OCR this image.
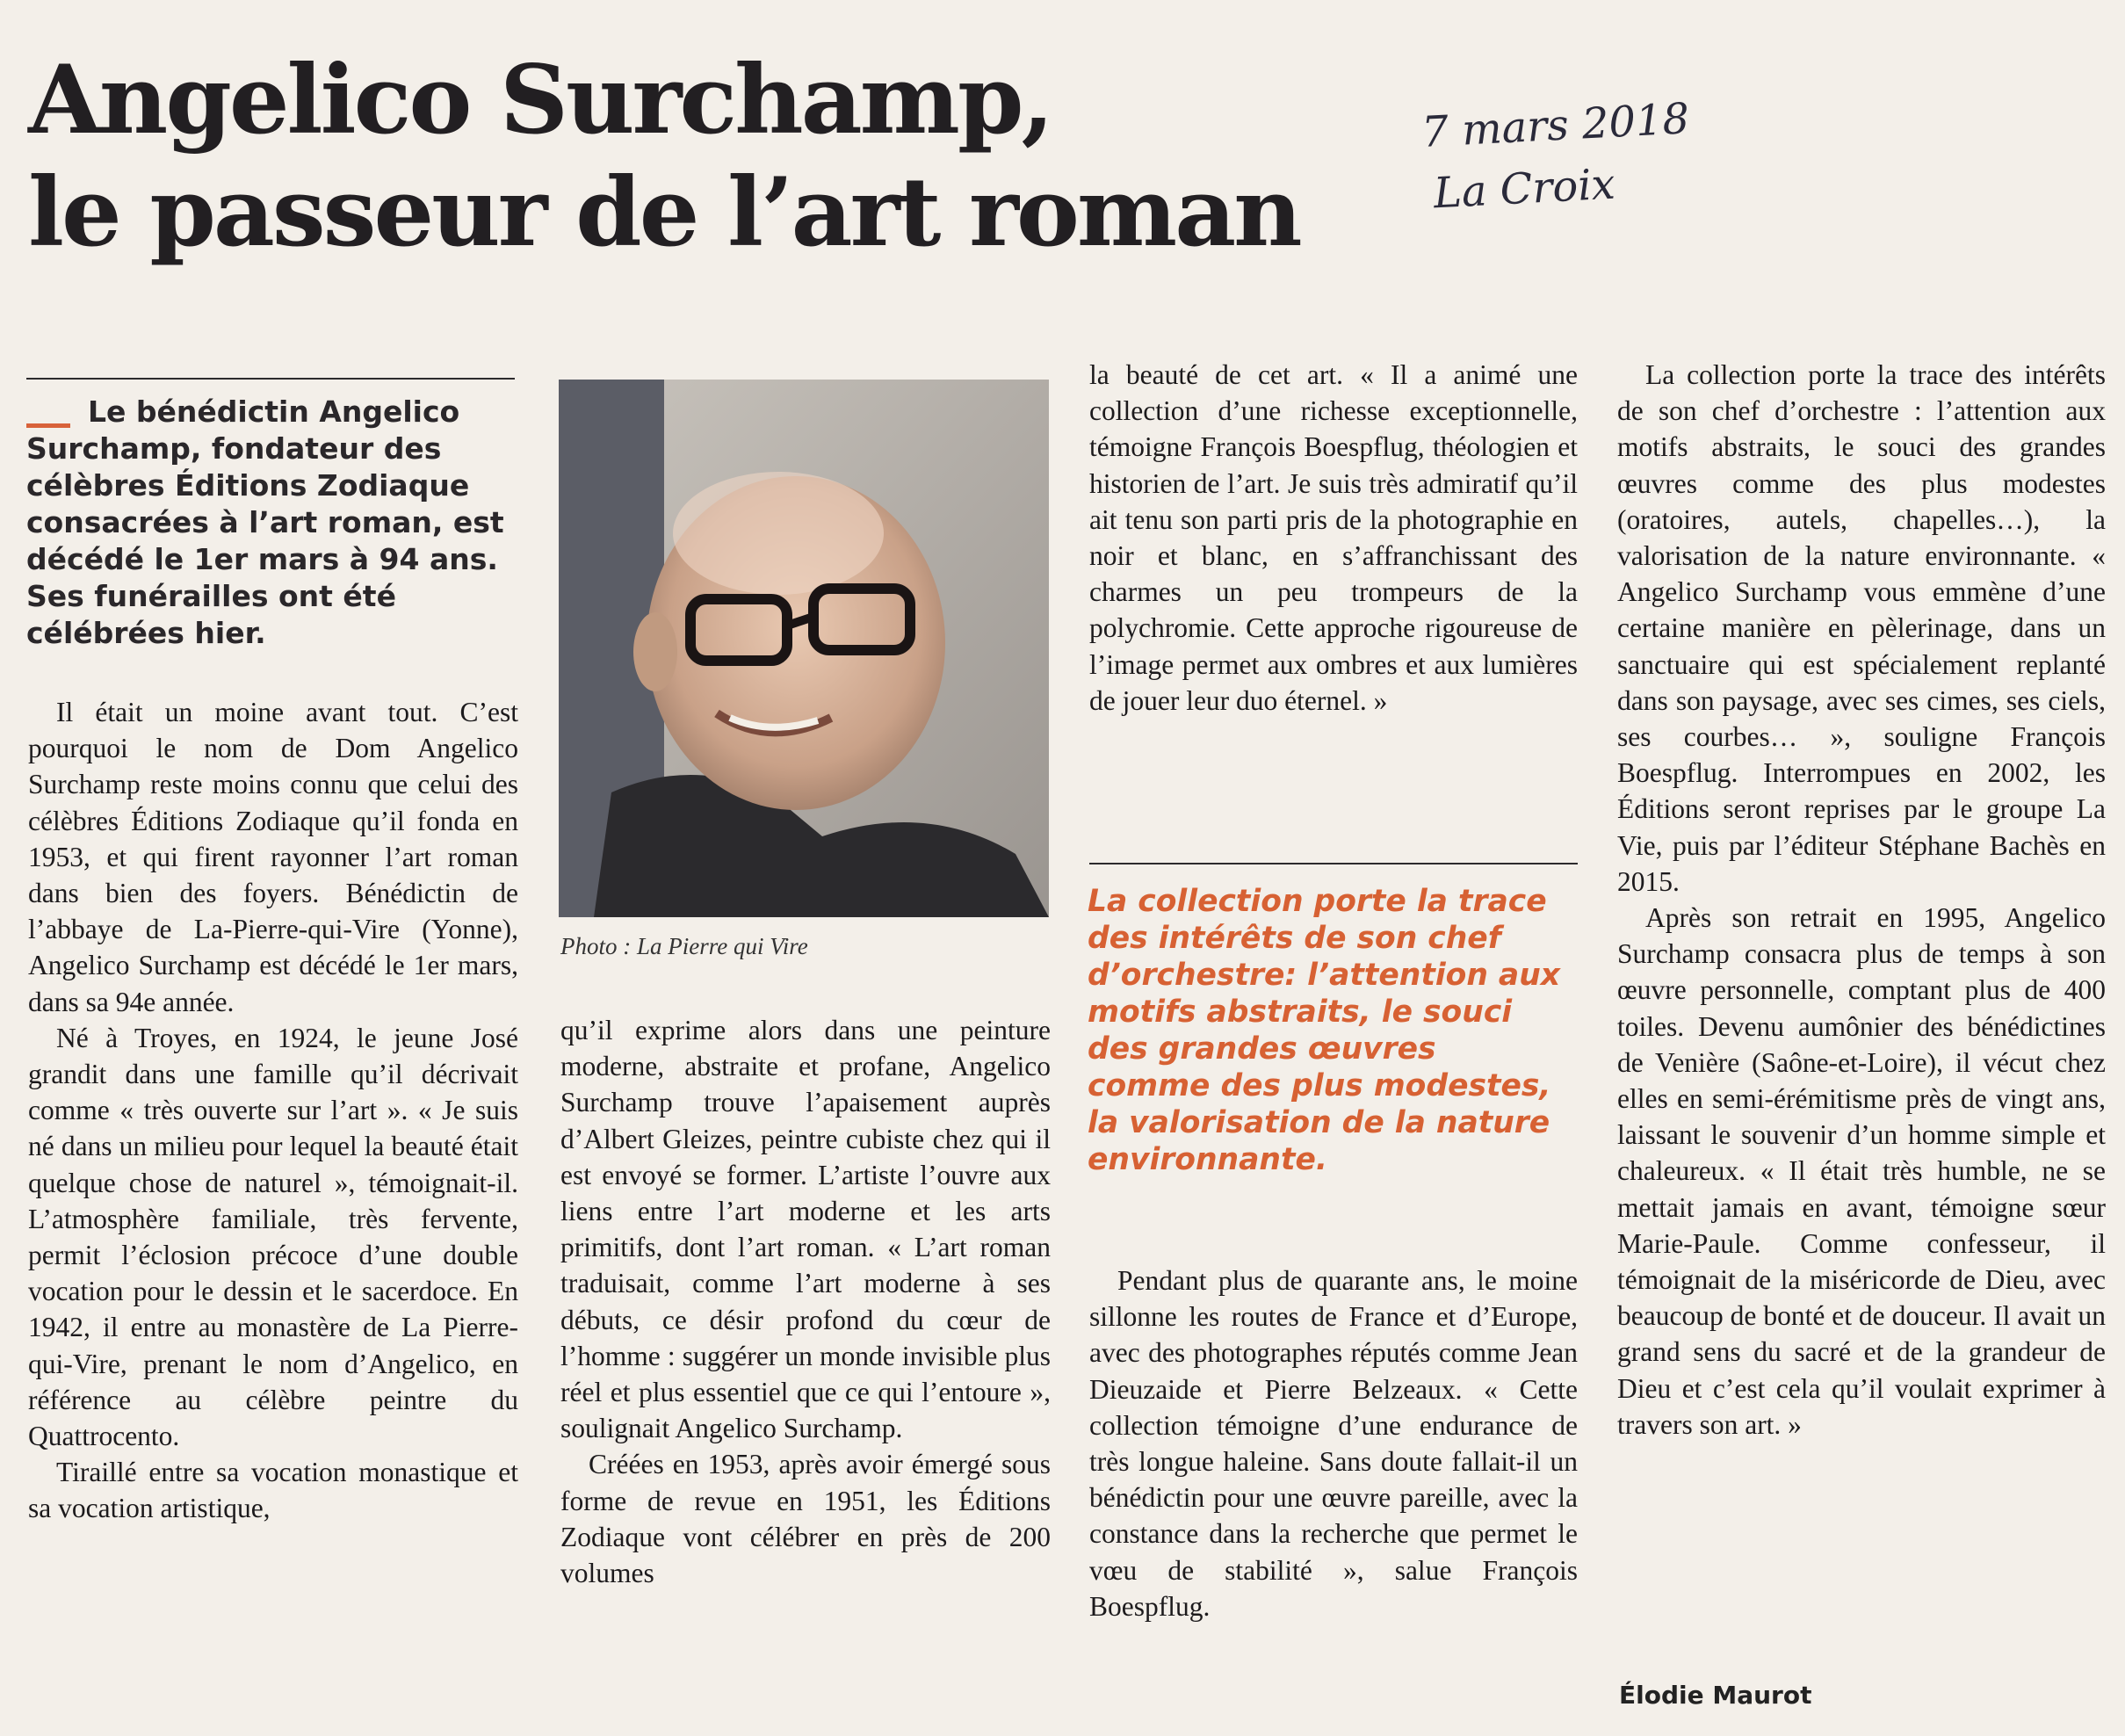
Angelico Surchamp,
le passeur de l’art roman
7 mars 2018
La Croix

Le bénédictin Angelico Surchamp, fondateur des célèbres Éditions Zodiaque consacrées à l’art roman, est décédé le 1er mars à 94 ans. Ses funérailles ont été célébrées hier.

Il était un moine avant tout. C’est pourquoi le nom de Dom Angelico Surchamp reste moins connu que celui des célèbres Éditions Zodiaque qu’il fonda en 1953, et qui firent rayonner l’art roman dans bien des foyers. Bénédictin de l’abbaye de La-Pierre-qui-Vire (Yonne), Angelico Surchamp est décédé le 1er mars, dans sa 94e année.

Né à Troyes, en 1924, le jeune José grandit dans une famille qu’il décrivait comme « très ouverte sur l’art ». « Je suis né dans un milieu pour lequel la beauté était quelque chose de naturel », témoignait-il. L’atmosphère familiale, très fervente, permit l’éclosion précoce d’une double vocation pour le dessin et le sacerdoce. En 1942, il entre au monastère de La Pierre-qui-Vire, prenant le nom d’Angelico, en référence au célèbre peintre du Quattrocento.

Tiraillé entre sa vocation monastique et sa vocation artistique,

Photo : La Pierre qui Vire

qu’il exprime alors dans une peinture moderne, abstraite et profane, Angelico Surchamp trouve l’apaisement auprès d’Albert Gleizes, peintre cubiste chez qui il est envoyé se former. L’artiste l’ouvre aux liens entre l’art moderne et les arts primitifs, dont l’art roman. « L’art roman traduisait, comme l’art moderne à ses débuts, ce désir profond du cœur de l’homme : suggérer un monde invisible plus réel et plus essentiel que ce qui l’entoure », soulignait Angelico Surchamp.

Créées en 1953, après avoir émergé sous forme de revue en 1951, les Éditions Zodiaque vont célébrer en près de 200 volumes

la beauté de cet art. « Il a animé une collection d’une richesse exceptionnelle, témoigne François Boespflug, théologien et historien de l’art. Je suis très admiratif qu’il ait tenu son parti pris de la photographie en noir et blanc, en s’affranchissant des charmes un peu trompeurs de la polychromie. Cette approche rigoureuse de l’image permet aux ombres et aux lumières de jouer leur duo éternel. »

La collection porte la trace des intérêts de son chef d’orchestre: l’attention aux motifs abstraits, le souci des grandes œuvres comme des plus modestes, la valorisation de la nature environnante.

Pendant plus de quarante ans, le moine sillonne les routes de France et d’Europe, avec des photographes réputés comme Jean Dieuzaide et Pierre Belzeaux. « Cette collection témoigne d’une endurance de très longue haleine. Sans doute fallait-il un bénédictin pour une œuvre pareille, avec la constance dans la recherche que permet le vœu de stabilité », salue François Boespflug.

La collection porte la trace des intérêts de son chef d’orchestre : l’attention aux motifs abstraits, le souci des grandes œuvres comme des plus modestes (oratoires, autels, chapelles…), la valorisation de la nature environnante. « Angelico Surchamp vous emmène d’une certaine manière en pèlerinage, dans un sanctuaire qui est spécialement replanté dans son paysage, avec ses cimes, ses ciels, ses courbes… », souligne François Boespflug. Interrompues en 2002, les Éditions seront reprises par le groupe La Vie, puis par l’éditeur Stéphane Bachès en 2015.

Après son retrait en 1995, Angelico Surchamp consacra plus de temps à son œuvre personnelle, comptant plus de 400 toiles. Devenu aumônier des bénédictines de Venière (Saône-et-Loire), il vécut chez elles en semi-érémitisme près de vingt ans, laissant le souvenir d’un homme simple et chaleureux. « Il était très humble, ne se mettait jamais en avant, témoigne sœur Marie-Paule. Comme confesseur, il témoignait de la miséricorde de Dieu, avec beaucoup de bonté et de douceur. Il avait un grand sens du sacré et de la grandeur de Dieu et c’est cela qu’il voulait exprimer à travers son art. »

Élodie Maurot
